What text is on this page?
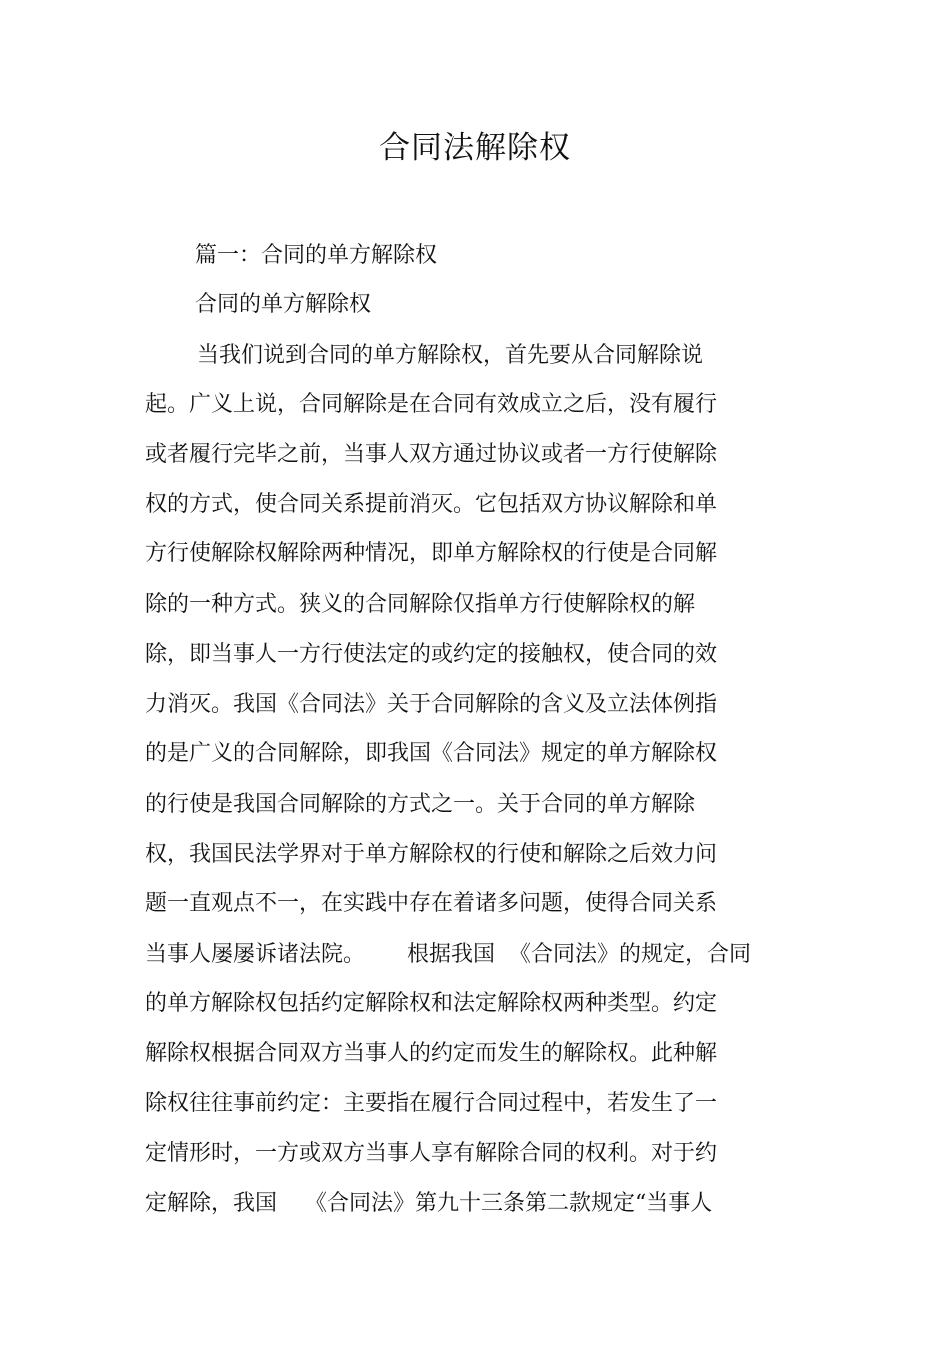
合同法解除权
篇一：合同的单方解除权
合同的单方解除权
当我们说到合同的单方解除权，首先要从合同解除说
起。广义上说，合同解除是在合同有效成立之后，没有履行
或者履行完毕之前，当事人双方通过协议或者一方行使解除
权的方式，使合同关系提前消灭。它包括双方协议解除和单
方行使解除权解除两种情况，即单方解除权的行使是合同解
除的一种方式。狭义的合同解除仅指单方行使解除权的解
除，即当事人一方行使法定的或约定的接触权，使合同的效
力消灭。我国《合同法》关于合同解除的含义及立法体例指
的是广义的合同解除，即我国《合同法》规定的单方解除权
的行使是我国合同解除的方式之一。关于合同的单方解除
权，我国民法学界对于单方解除权的行使和解除之后效力问
题一直观点不一，在实践中存在着诸多问题，使得合同关系
当事人屡屡诉诸法院。      根据我国  《合同法》的规定，合同
的单方解除权包括约定解除权和法定解除权两种类型。约定
解除权根据合同双方当事人的约定而发生的解除权。此种解
除权往往事前约定：主要指在履行合同过程中，若发生了一
定情形时，一方或双方当事人享有解除合同的权利。对于约
定解除，我国    《合同法》第九十三条第二款规定“当事人
